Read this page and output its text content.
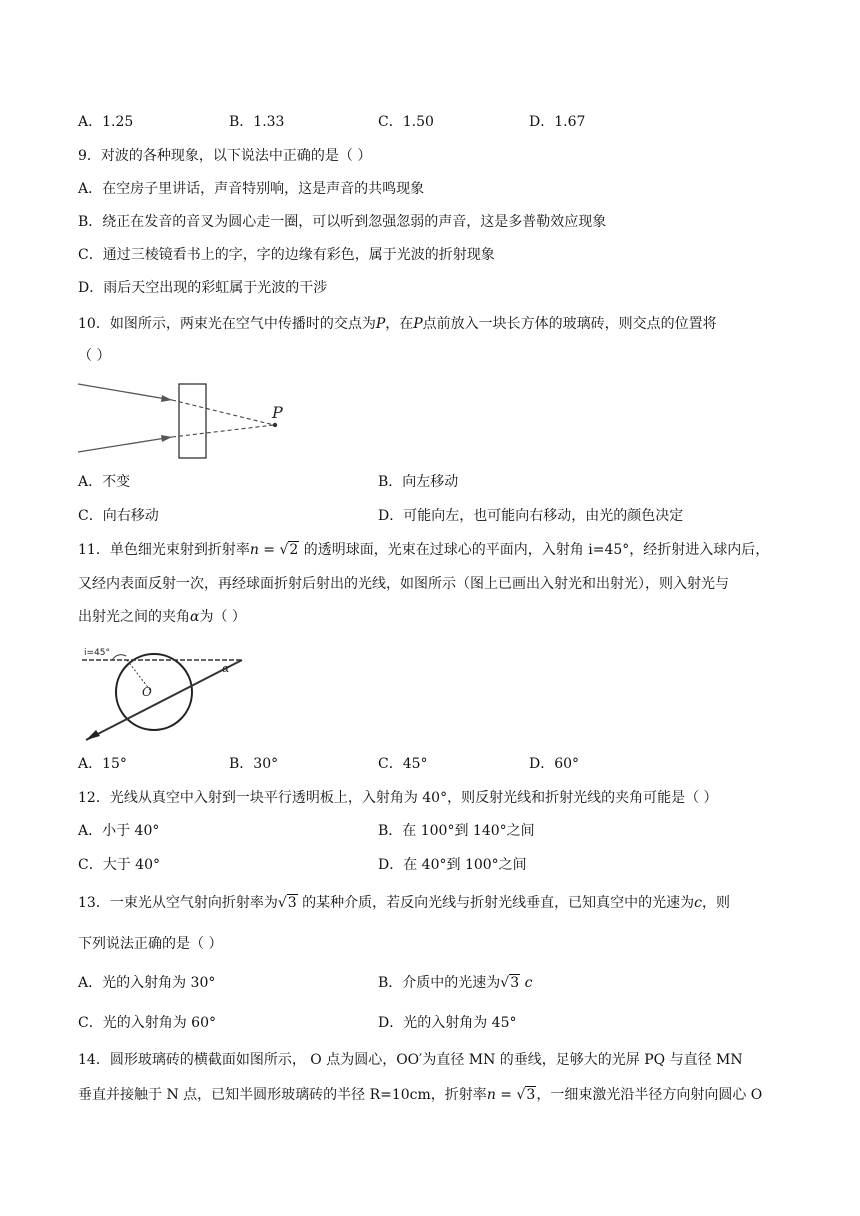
A．1.25	B．1.33	C．1.50	D．1.67
9．对波的各种现象，以下说法中正确的是（ ）
A．在空房子里讲话，声音特别响，这是声音的共鸣现象
B．绕正在发音的音叉为圆心走一圈，可以听到忽强忽弱的声音，这是多普勒效应现象
C．通过三棱镜看书上的字，字的边缘有彩色，属于光波的折射现象
D．雨后天空出现的彩虹属于光波的干涉
10．如图所示，两束光在空气中传播时的交点为P，在P点前放入一块长方体的玻璃砖，则交点的位置将
（ ）
P
A．不变	B．向左移动
C．向右移动	D．可能向左，也可能向右移动，由光的颜色决定
11．单色细光束射到折射率n = √2 的透明球面，光束在过球心的平面内，入射角 i=45°，经折射进入球内后，
又经内表面反射一次，再经球面折射后射出的光线，如图所示（图上已画出入射光和出射光），则入射光与
出射光之间的夹角α为（ ）
i=45°
O
α
A．15°	B．30°	C．45°	D．60°
12．光线从真空中入射到一块平行透明板上，入射角为 40°，则反射光线和折射光线的夹角可能是（ ）
A．小于 40°	B．在 100°到 140°之间
C．大于 40°	D．在 40°到 100°之间
13．一束光从空气射向折射率为√3 的某种介质，若反向光线与折射光线垂直，已知真空中的光速为c，则
下列说法正确的是（ ）
A．光的入射角为 30°	B．介质中的光速为√3 c
C．光的入射角为 60°	D．光的入射角为 45°
14．圆形玻璃砖的横截面如图所示， O 点为圆心，OO′为直径 MN 的垂线，足够大的光屏 PQ 与直径 MN
垂直并接触于 N 点，已知半圆形玻璃砖的半径 R=10cm，折射率n = √3，一细束激光沿半径方向射向圆心 O
